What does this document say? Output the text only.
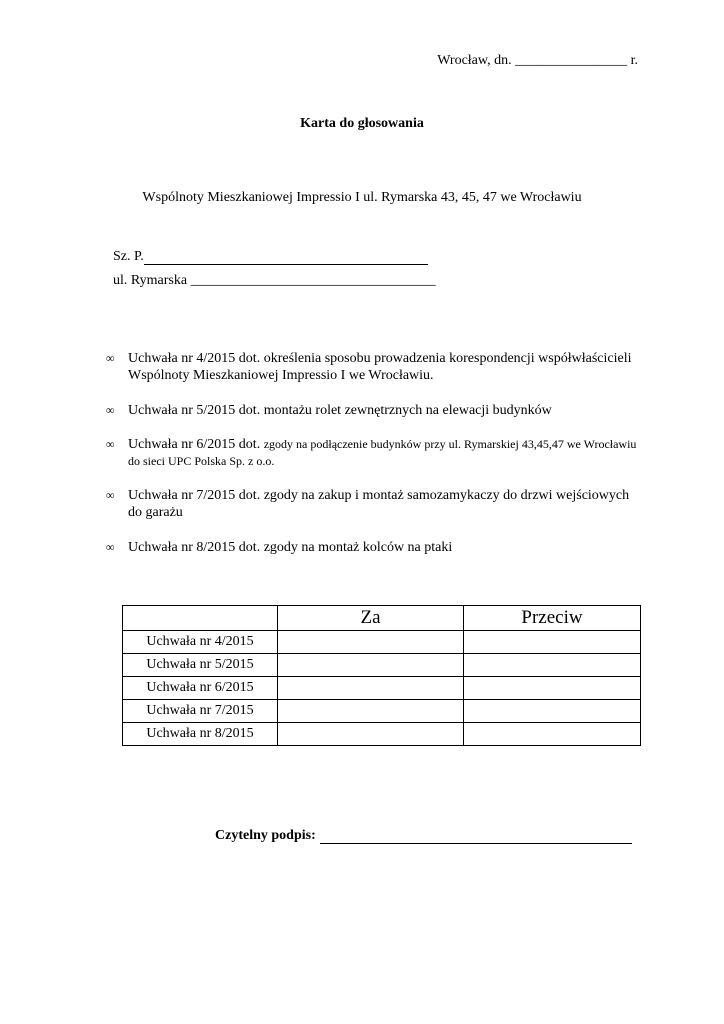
Wrocław, dn. ________________ r.
Karta do głosowania
Wspólnoty Mieszkaniowej Impressio I ul. Rymarska 43, 45, 47 we Wrocławiu
Sz. P.
ul. Rymarska ___________________________________
∞ Uchwała nr 4/2015 dot. określenia sposobu prowadzenia korespondencji współwłaścicieli Wspólnoty Mieszkaniowej Impressio I we Wrocławiu.
∞ Uchwała nr 5/2015 dot. montażu rolet zewnętrznych na elewacji budynków
∞ Uchwała nr 6/2015 dot. zgody na podłączenie budynków przy ul. Rymarskiej 43,45,47 we Wrocławiu do sieci UPC Polska Sp. z o.o.
∞ Uchwała nr 7/2015 dot. zgody na zakup i montaż samozamykaczy do drzwi wejściowych do garażu
∞ Uchwała nr 8/2015 dot. zgody na montaż kolców na ptaki
	Za	Przeciw
Uchwała nr 4/2015		
Uchwała nr 5/2015		
Uchwała nr 6/2015		
Uchwała nr 7/2015		
Uchwała nr 8/2015		
Czytelny podpis:
